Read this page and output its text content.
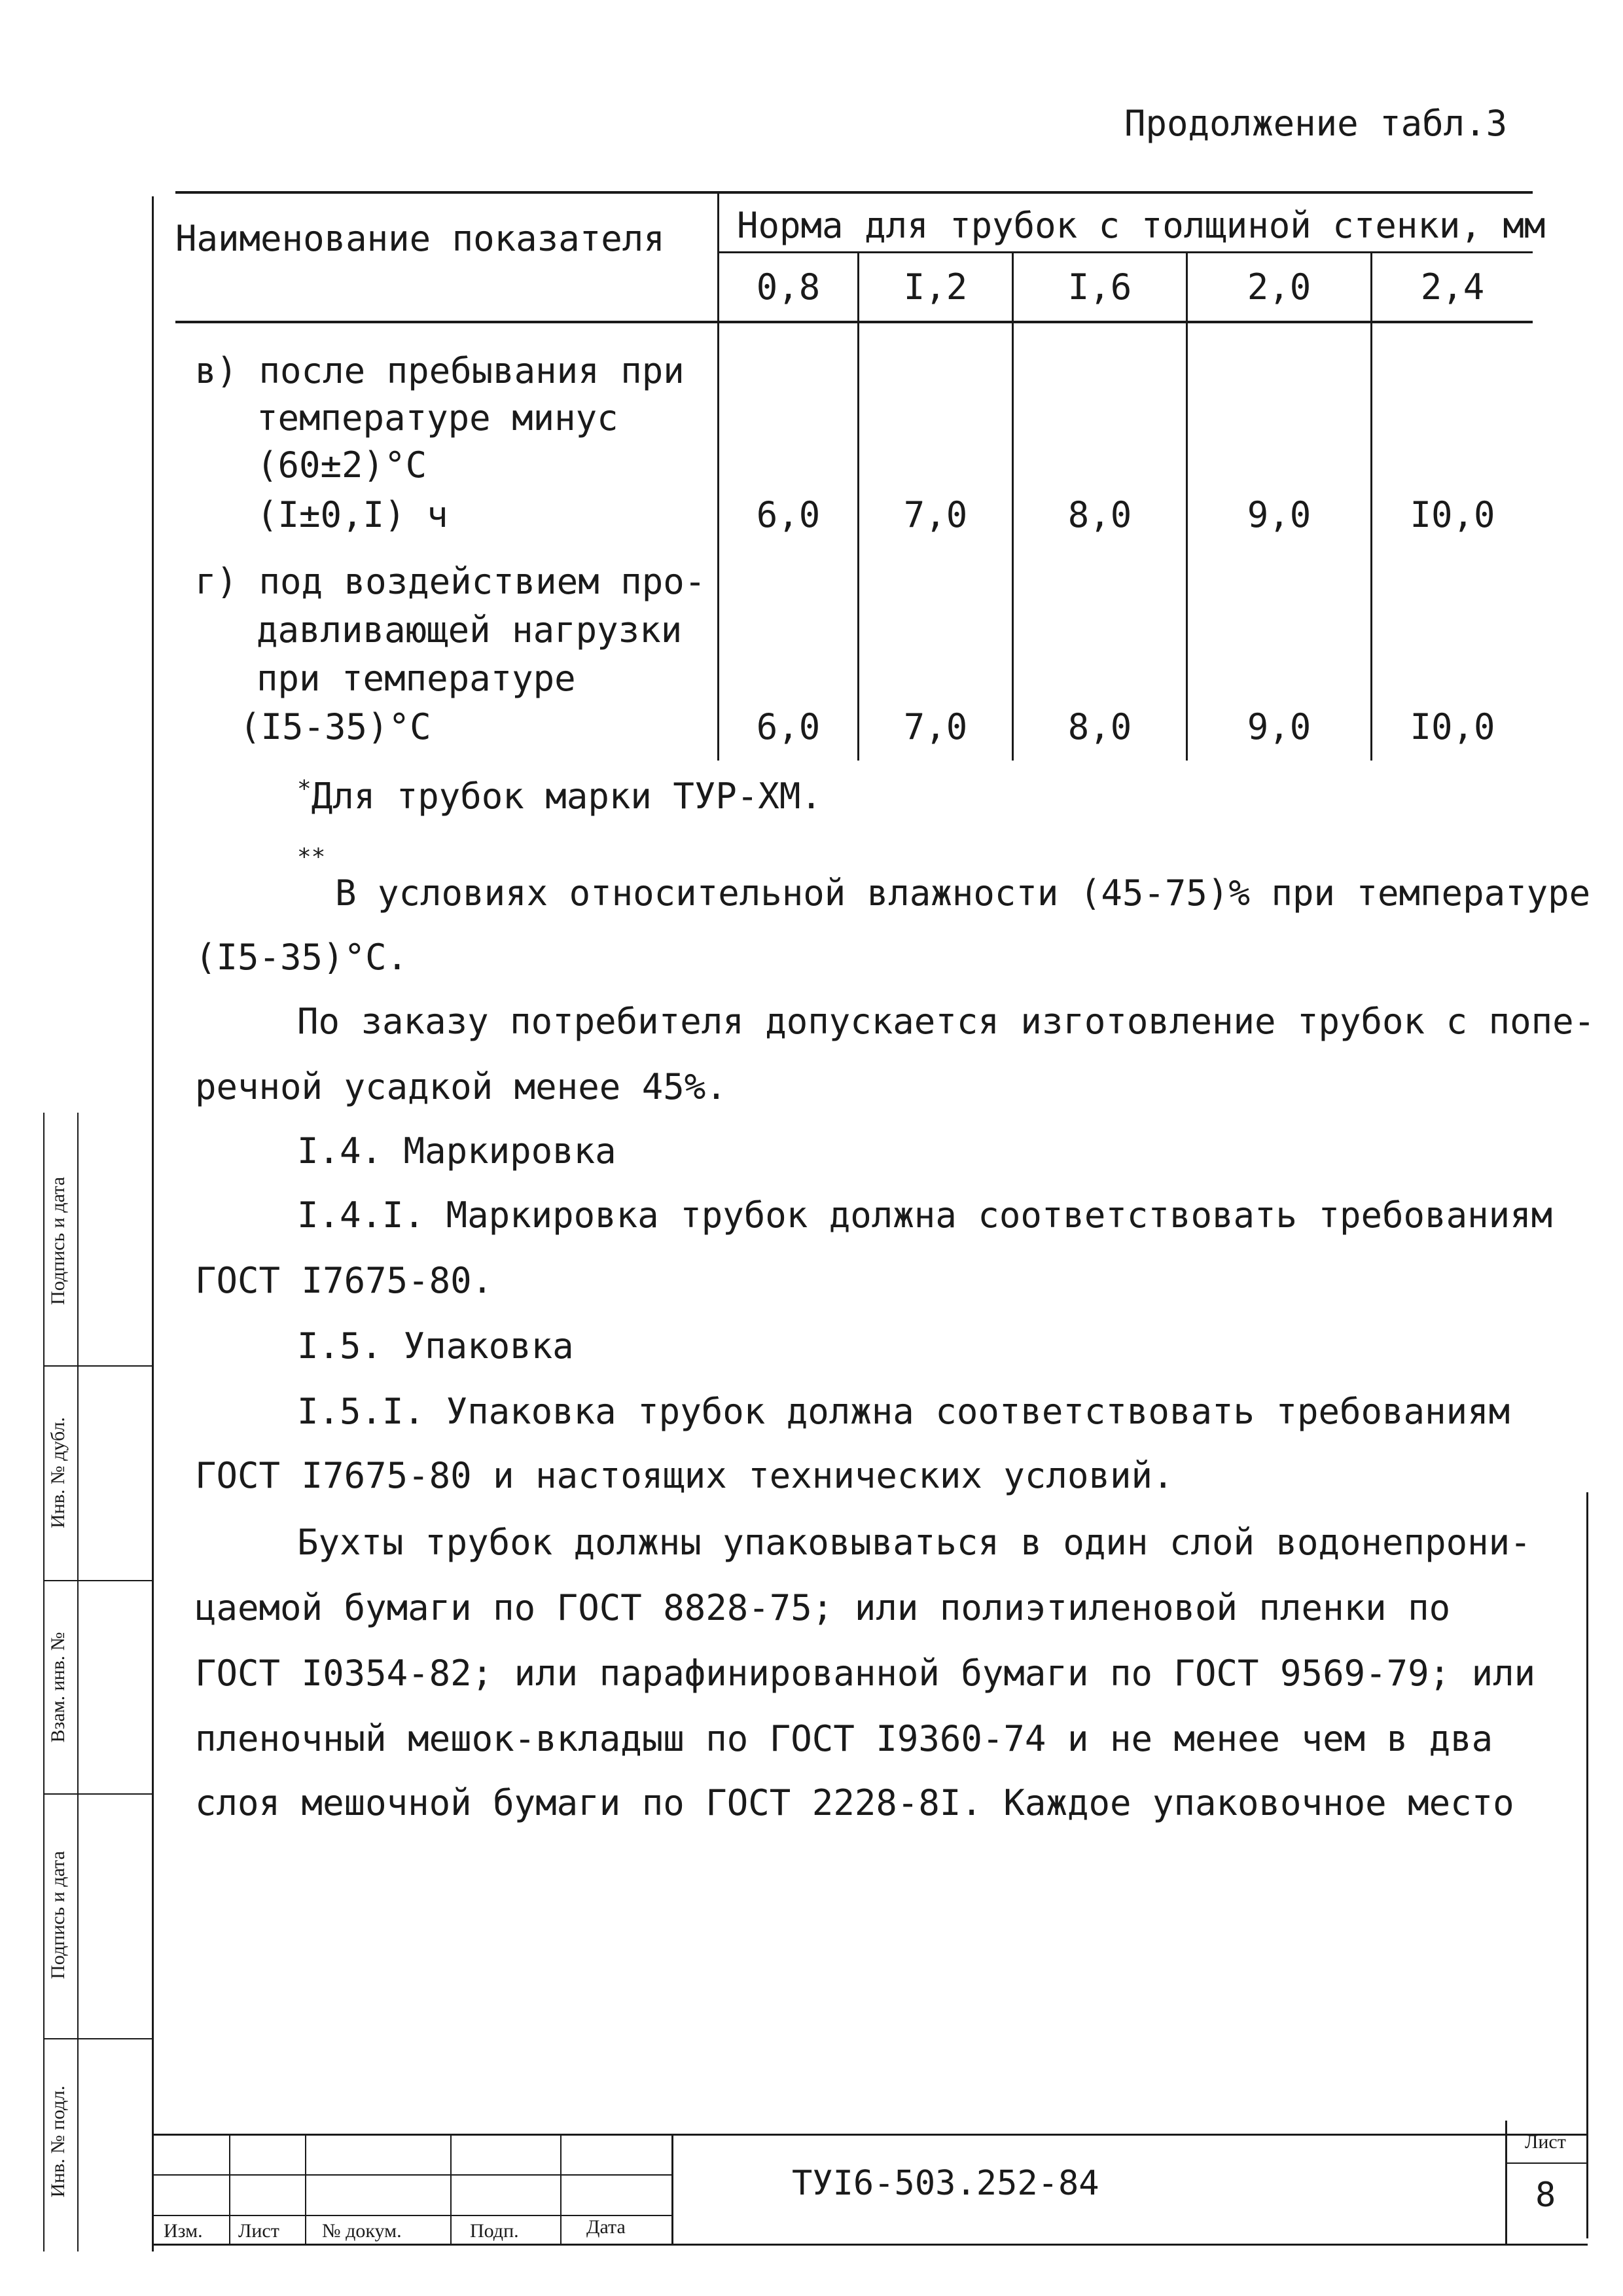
Продолжение табл.3
Наименование показателя Норма для трубок с толщиной стенки, мм
0,8	I,2	I,6	2,0	2,4
в) после пребывания при
температуре минус
(60±2)°С
(I±0,I) ч	6,0	7,0	8,0	9,0	I0,0
г) под воздействием про-
давливающей нагрузки
при температуре
(I5-35)°С	6,0	7,0	8,0	9,0	I0,0
*Для трубок марки ТУР-ХМ.
**
В условиях относительной влажности (45-75)% при температуре
(I5-35)°С.
По заказу потребителя допускается изготовление трубок с попе-
речной усадкой менее 45%.
I.4. Маркировка
I.4.I. Маркировка трубок должна соответствовать требованиям
ГОСТ I7675-80.
I.5. Упаковка
I.5.I. Упаковка трубок должна соответствовать требованиям
ГОСТ I7675-80 и настоящих технических условий.
Бухты трубок должны упаковываться в один слой водонепрони-
цаемой бумаги по ГОСТ 8828-75; или полиэтиленовой пленки по
ГОСТ I0354-82; или парафинированной бумаги по ГОСТ 9569-79; или
пленочный мешок-вкладыш по ГОСТ I9360-74 и не менее чем в два
слоя мешочной бумаги по ГОСТ 2228-8I. Каждое упаковочное место
Подпись и дата
Инв. № дубл.
Взам. инв. №
Подпись и дата
Инв. № подл.
Изм. Лист № докум.	Подп.	Дата
ТУI6-503.252-84
Лист
8
